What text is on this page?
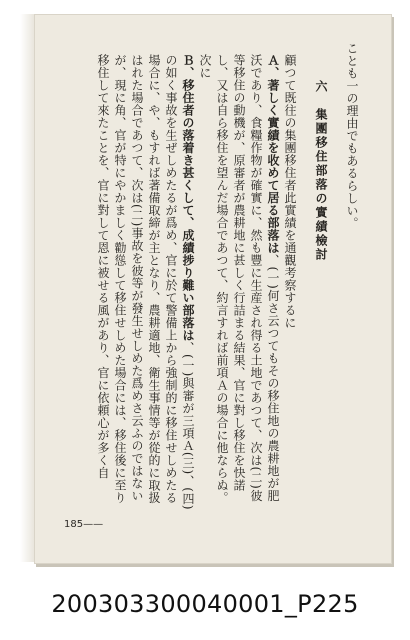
ことも一の理由でもあるらしい。

六　集團移住部落の實績檢討

顧つて既往の集團移住者此實績を通觀考察するに

Ａ、著しく實績を收めて居る部落は、(一)何さ云つてもその移住地の農耕地が肥沃であり、食糧作物が確實に、然も豐に生産され得る土地であつて、次は(二)彼等移住の動機が、原審者が農耕地に甚しく行詰まる結果、官に對し移住を快諾し、又は自ら移住を望んだ場合であつて、約言すれば前項Ａの場合に他ならぬ。次に

Ｂ、移住者の落着き甚くして、成績捗り難い部落は、(一)與審が三項Ａ(三)、(四)の如く事故を生ぜしめたるが爲め、官に於て警備上から強制的に移住せしめたる場合に、や、もすれば著備取締が主となり、農耕適地、衛生事情等が從的に取扱はれた場合であつて、次は(二)事故を彼等が發生せしめた爲めさ云ふのではないが、現に角、官が特にやかましく勸慫して移住せしめた場合には、移住後に至り移住して來たことを、官に對して恩に被せる風があり、官に依頼心が多く自

185——
200303300040001_P225
